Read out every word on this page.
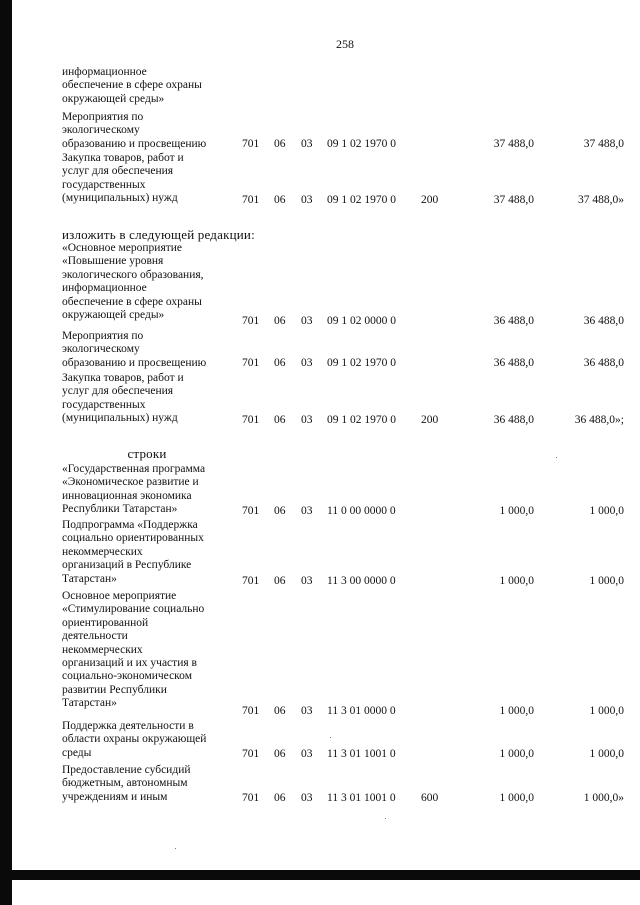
258
информационное
обеспечение в сфере охраны
окружающей среды»
Мероприятия по
экологическому
образованию и просвещению	701 06 03 09 1 02 1970 0	37 488,0	37 488,0
Закупка товаров, работ и
услуг для обеспечения
государственных
(муниципальных) нужд	701 06 03 09 1 02 1970 0 200	37 488,0	37 488,0»
изложить в следующей редакции:
«Основное мероприятие
«Повышение уровня
экологического образования,
информационное
обеспечение в сфере охраны
окружающей среды»	701 06 03 09 1 02 0000 0	36 488,0	36 488,0
Мероприятия по
экологическому
образованию и просвещению	701 06 03 09 1 02 1970 0	36 488,0	36 488,0
Закупка товаров, работ и
услуг для обеспечения
государственных
(муниципальных) нужд	701 06 03 09 1 02 1970 0 200	36 488,0	36 488,0»;
строки
«Государственная программа
«Экономическое развитие и
инновационная экономика
Республики Татарстан»	701 06 03 11 0 00 0000 0	1 000,0	1 000,0
Подпрограмма «Поддержка
социально ориентированных
некоммерческих
организаций в Республике
Татарстан»	701 06 03 11 3 00 0000 0	1 000,0	1 000,0
Основное мероприятие
«Стимулирование социально
ориентированной
деятельности
некоммерческих
организаций и их участия в
социально-экономическом
развитии Республики
Татарстан»
701 06 03 11 3 01 0000 0	1 000,0	1 000,0
Поддержка деятельности в
области охраны окружающей
среды	701 06 03 11 3 01 1001 0	1 000,0	1 000,0
Предоставление субсидий
бюджетным, автономным
учреждениям и иным	701 06 03 11 3 01 1001 0 600	1 000,0	1 000,0»
